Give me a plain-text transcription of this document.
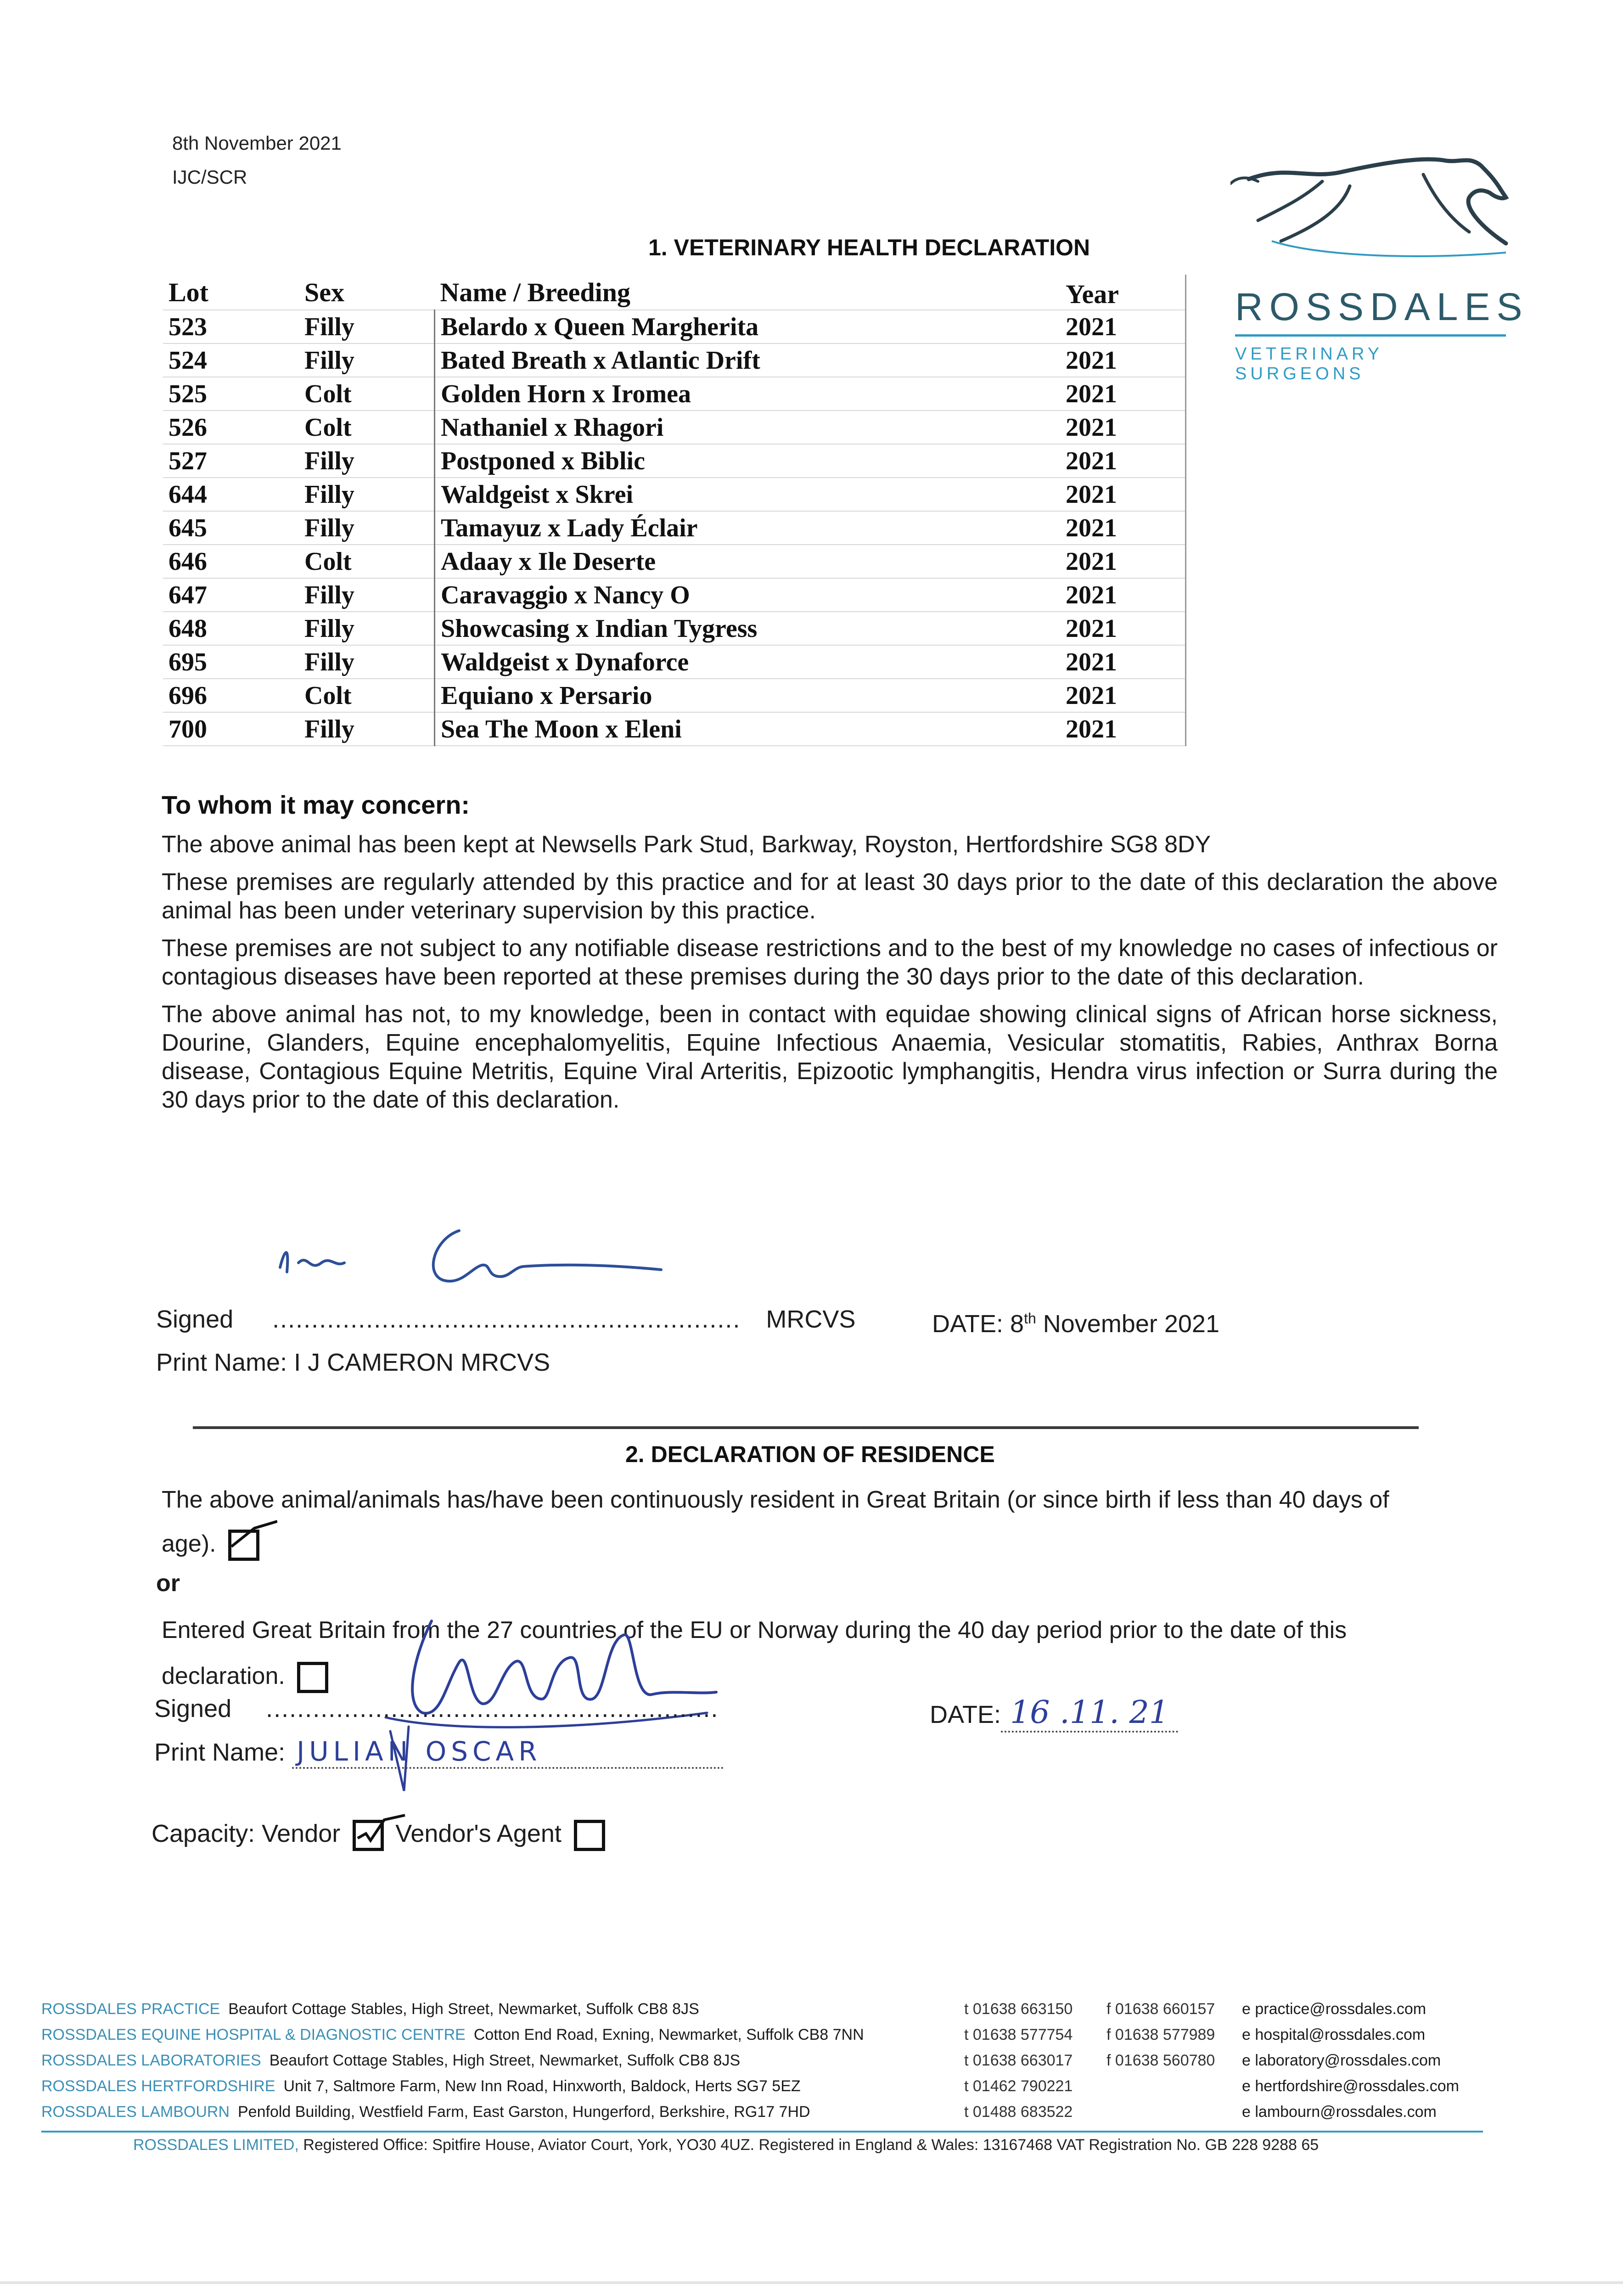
8th November 2021
IJC/SCR
ROSSDALES
VETERINARY SURGEONS
1. VETERINARY HEALTH DECLARATION
Lot	Sex	Name / Breeding	Year
523	Filly	Belardo x Queen Margherita	2021
524	Filly	Bated Breath x Atlantic Drift	2021
525	Colt	Golden Horn x Iromea	2021
526	Colt	Nathaniel x Rhagori	2021
527	Filly	Postponed x Biblic	2021
644	Filly	Waldgeist x Skrei	2021
645	Filly	Tamayuz x Lady Éclair	2021
646	Colt	Adaay x Ile Deserte	2021
647	Filly	Caravaggio x Nancy O	2021
648	Filly	Showcasing x Indian Tygress	2021
695	Filly	Waldgeist x Dynaforce	2021
696	Colt	Equiano x Persario	2021
700	Filly	Sea The Moon x Eleni	2021
To whom it may concern:

The above animal has been kept at Newsells Park Stud, Barkway, Royston, Hertfordshire SG8 8DY

These premises are regularly attended by this practice and for at least 30 days prior to the date of this declaration the above animal has been under veterinary supervision by this practice.

These premises are not subject to any notifiable disease restrictions and to the best of my knowledge no cases of infectious or contagious diseases have been reported at these premises during the 30 days prior to the date of this declaration.

The above animal has not, to my knowledge, been in contact with equidae showing clinical signs of African horse sickness, Dourine, Glanders, Equine encephalomyelitis, Equine Infectious Anaemia, Vesicular stomatitis, Rabies, Anthrax Borna disease, Contagious Equine Metritis, Equine Viral Arteritis, Epizootic lymphangitis, Hendra virus infection or Surra during the 30 days prior to the date of this declaration.

Signed ............................................................ MRCVS	DATE: 8th November 2021
Print Name: I J CAMERON MRCVS
2. DECLARATION OF RESIDENCE
The above animal/animals has/have been continuously resident in Great Britain (or since birth if less than 40 days of age).
or
Entered Great Britain from the 27 countries of the EU or Norway during the 40 day period prior to the date of this declaration.
Signed ..........................................................	DATE: 16 .11. 21
Print Name: JULIAN OSCAR
Capacity: Vendor Vendor's Agent
ROSSDALES PRACTICE Beaufort Cottage Stables, High Street, Newmarket, Suffolk CB8 8JS	t 01638 663150 f 01638 660157 e practice@rossdales.com
ROSSDALES EQUINE HOSPITAL & DIAGNOSTIC CENTRE Cotton End Road, Exning, Newmarket, Suffolk CB8 7NN	t 01638 577754 f 01638 577989 e hospital@rossdales.com
ROSSDALES LABORATORIES Beaufort Cottage Stables, High Street, Newmarket, Suffolk CB8 8JS	t 01638 663017 f 01638 560780 e laboratory@rossdales.com
ROSSDALES HERTFORDSHIRE Unit 7, Saltmore Farm, New Inn Road, Hinxworth, Baldock, Herts SG7 5EZ	t 01462 790221	e hertfordshire@rossdales.com
ROSSDALES LAMBOURN Penfold Building, Westfield Farm, East Garston, Hungerford, Berkshire, RG17 7HD	t 01488 683522	e lambourn@rossdales.com
ROSSDALES LIMITED, Registered Office: Spitfire House, Aviator Court, York, YO30 4UZ. Registered in England & Wales: 13167468 VAT Registration No. GB 228 9288 65
